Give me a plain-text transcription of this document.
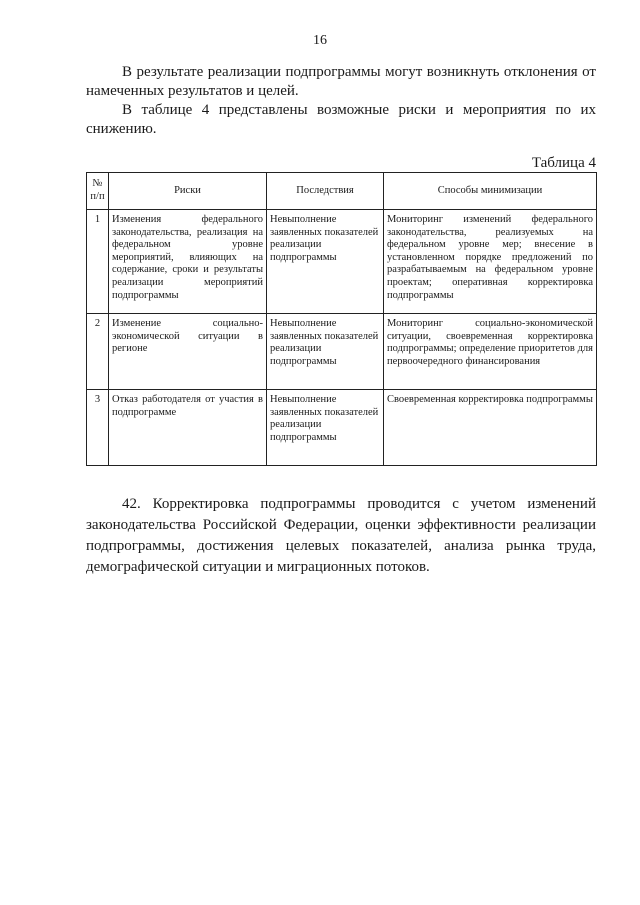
16

В результате реализации подпрограммы могут возникнуть отклонения от намеченных результатов и целей.

В таблице 4 представлены возможные риски и мероприятия по их снижению.

Таблица 4
№ п/п	Риски	Последствия	Способы минимизации
1	Изменения федерального законодательства, реализация на федеральном уровне мероприятий, влияющих на содержание, сроки и результаты реализации мероприятий подпрограммы	Невыполнение заявленных показателей реализации подпрограммы	Мониторинг изменений федерального законодательства, реализуемых на федеральном уровне мер; внесение в установленном порядке предложений по разрабатываемым на федеральном уровне проектам; оперативная корректировка подпрограммы
2	Изменение социально-экономической ситуации в регионе	Невыполнение заявленных показателей реализации подпрограммы	Мониторинг социально-экономической ситуации, своевременная корректировка подпрограммы; определение приоритетов для первоочередного финансирования
3	Отказ работодателя от участия в подпрограмме	Невыполнение заявленных показателей реализации подпрограммы	Своевременная корректировка подпрограммы

42. Корректировка подпрограммы проводится с учетом изменений законодательства Российской Федерации, оценки эффективности реализации подпрограммы, достижения целевых показателей, анализа рынка труда, демографической ситуации и миграционных потоков.
